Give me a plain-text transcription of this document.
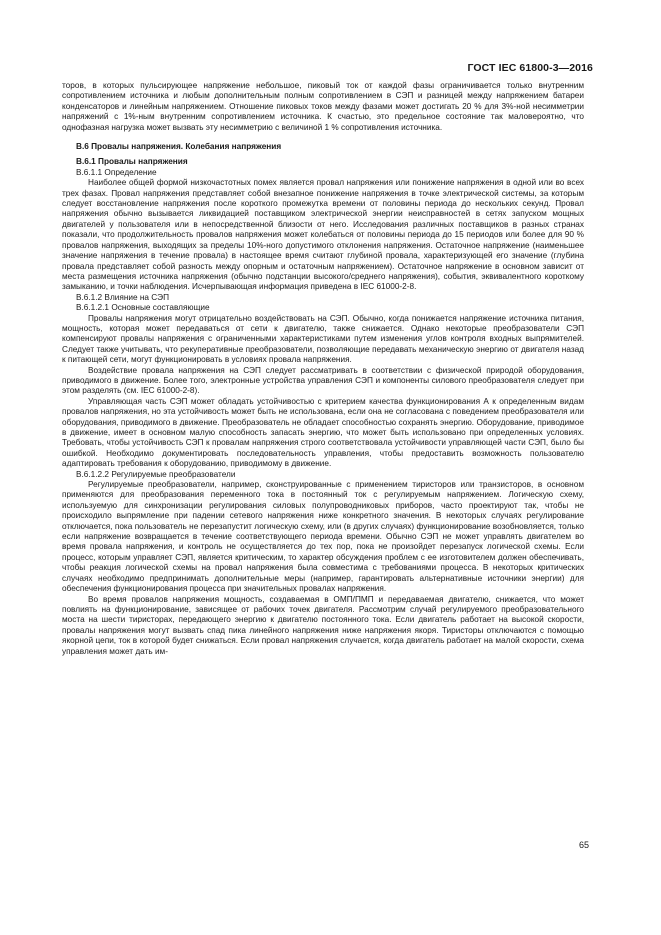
ГОСТ IEC 61800-3—2016

торов, в которых пульсирующее напряжение небольшое, пиковый ток от каждой фазы ограничивается только внутренним сопротивлением источника и любым дополнительным полным сопротивлением в СЭП и разницей между напряжением батареи конденсаторов и линейным напряжением. Отношение пиковых токов между фазами может достигать 20 % для 3%-ной несимметрии напряжений с 1%-ным внутренним сопротивлением источника. К счастью, это предельное состояние так маловероятно, что однофазная нагрузка может вызвать эту несимметрию с величиной 1 % сопротивления источника.

В.6 Провалы напряжения. Колебания напряжения

В.6.1 Провалы напряжения

В.6.1.1 Определение

Наиболее общей формой низкочастотных помех является провал напряжения или понижение напряжения в одной или во всех трех фазах. Провал напряжения представляет собой внезапное понижение напряжения в точке электрической системы, за которым следует восстановление напряжения после короткого промежутка времени от половины периода до нескольких секунд. Провал напряжения обычно вызывается ликвидацией поставщиком электрической энергии неисправностей в сетях запуском мощных двигателей у пользователя или в непосредственной близости от него. Исследования различных поставщиков в разных странах показали, что продолжительность провалов напряжения может колебаться от половины периода до 15 периодов или более для 90 % провалов напряжения, выходящих за пределы 10%-ного допустимого отклонения напряжения. Остаточное напряжение (наименьшее значение напряжения в течение провала) в настоящее время считают глубиной провала, характеризующей его значение (глубина провала представляет собой разность между опорным и остаточным напряжением). Остаточное напряжение в основном зависит от места размещения источника напряжения (обычно подстанции высокого/среднего напряжения), события, эквивалентного короткому замыканию, и точки наблюдения. Исчерпывающая информация приведена в IEC 61000-2-8.

В.6.1.2 Влияние на СЭП

В.6.1.2.1 Основные составляющие

Провалы напряжения могут отрицательно воздействовать на СЭП. Обычно, когда понижается напряжение источника питания, мощность, которая может передаваться от сети к двигателю, также снижается. Однако некоторые преобразователи СЭП компенсируют провалы напряжения с ограниченными характеристиками путем изменения углов контроля входных выпрямителей. Следует также учитывать, что рекуперативные преобразователи, позволяющие передавать механическую энергию от двигателя назад к питающей сети, могут функционировать в условиях провала напряжения.

Воздействие провала напряжения на СЭП следует рассматривать в соответствии с физической природой оборудования, приводимого в движение. Более того, электронные устройства управления СЭП и компоненты силового преобразователя следует при этом разделять (см. IEC 61000-2-8).

Управляющая часть СЭП может обладать устойчивостью с критерием качества функционирования А к определенным видам провалов напряжения, но эта устойчивость может быть не использована, если она не согласована с поведением преобразователя или оборудования, приводимого в движение. Преобразователь не обладает способностью сохранять энергию. Оборудование, приводимое в движение, имеет в основном малую способность запасать энергию, что может быть использовано при определенных условиях. Требовать, чтобы устойчивость СЭП к провалам напряжения строго соответствовала устойчивости управляющей части СЭП, было бы ошибкой. Необходимо документировать последовательность управления, чтобы предоставить возможность пользователю адаптировать требования к оборудованию, приводимому в движение.

В.6.1.2.2 Регулируемые преобразователи

Регулируемые преобразователи, например, сконструированные с применением тиристоров или транзисторов, в основном применяются для преобразования переменного тока в постоянный ток с регулируемым напряжением. Логическую схему, используемую для синхронизации регулирования силовых полупроводниковых приборов, часто проектируют так, чтобы не происходило выпрямление при падении сетевого напряжения ниже конкретного значения. В некоторых случаях регулирование отключается, пока пользователь не перезапустит логическую схему, или (в других случаях) функционирование возобновляется, только если напряжение возвращается в течение соответствующего периода времени. Обычно СЭП не может управлять двигателем во время провала напряжения, и контроль не осуществляется до тех пор, пока не произойдет перезапуск логической схемы. Если процесс, которым управляет СЭП, является критическим, то характер обсуждения проблем с ее изготовителем должен обеспечивать, чтобы реакция логической схемы на провал напряжения была совместима с требованиями процесса. В некоторых критических случаях необходимо предпринимать дополнительные меры (например, гарантировать альтернативные источники энергии) для обеспечения функционирования процесса при значительных провалах напряжения.

Во время провалов напряжения мощность, создаваемая в ОМП/ПМП и передаваемая двигателю, снижается, что может повлиять на функционирование, зависящее от рабочих точек двигателя. Рассмотрим случай регулируемого преобразовательного моста на шести тиристорах, передающего энергию к двигателю постоянного тока. Если двигатель работает на высокой скорости, провалы напряжения могут вызвать спад пика линейного напряжения ниже напряжения якоря. Тиристоры отключаются с помощью якорной цепи, ток в которой будет снижаться. Если провал напряжения случается, когда двигатель работает на малой скорости, схема управления может дать им-

65
